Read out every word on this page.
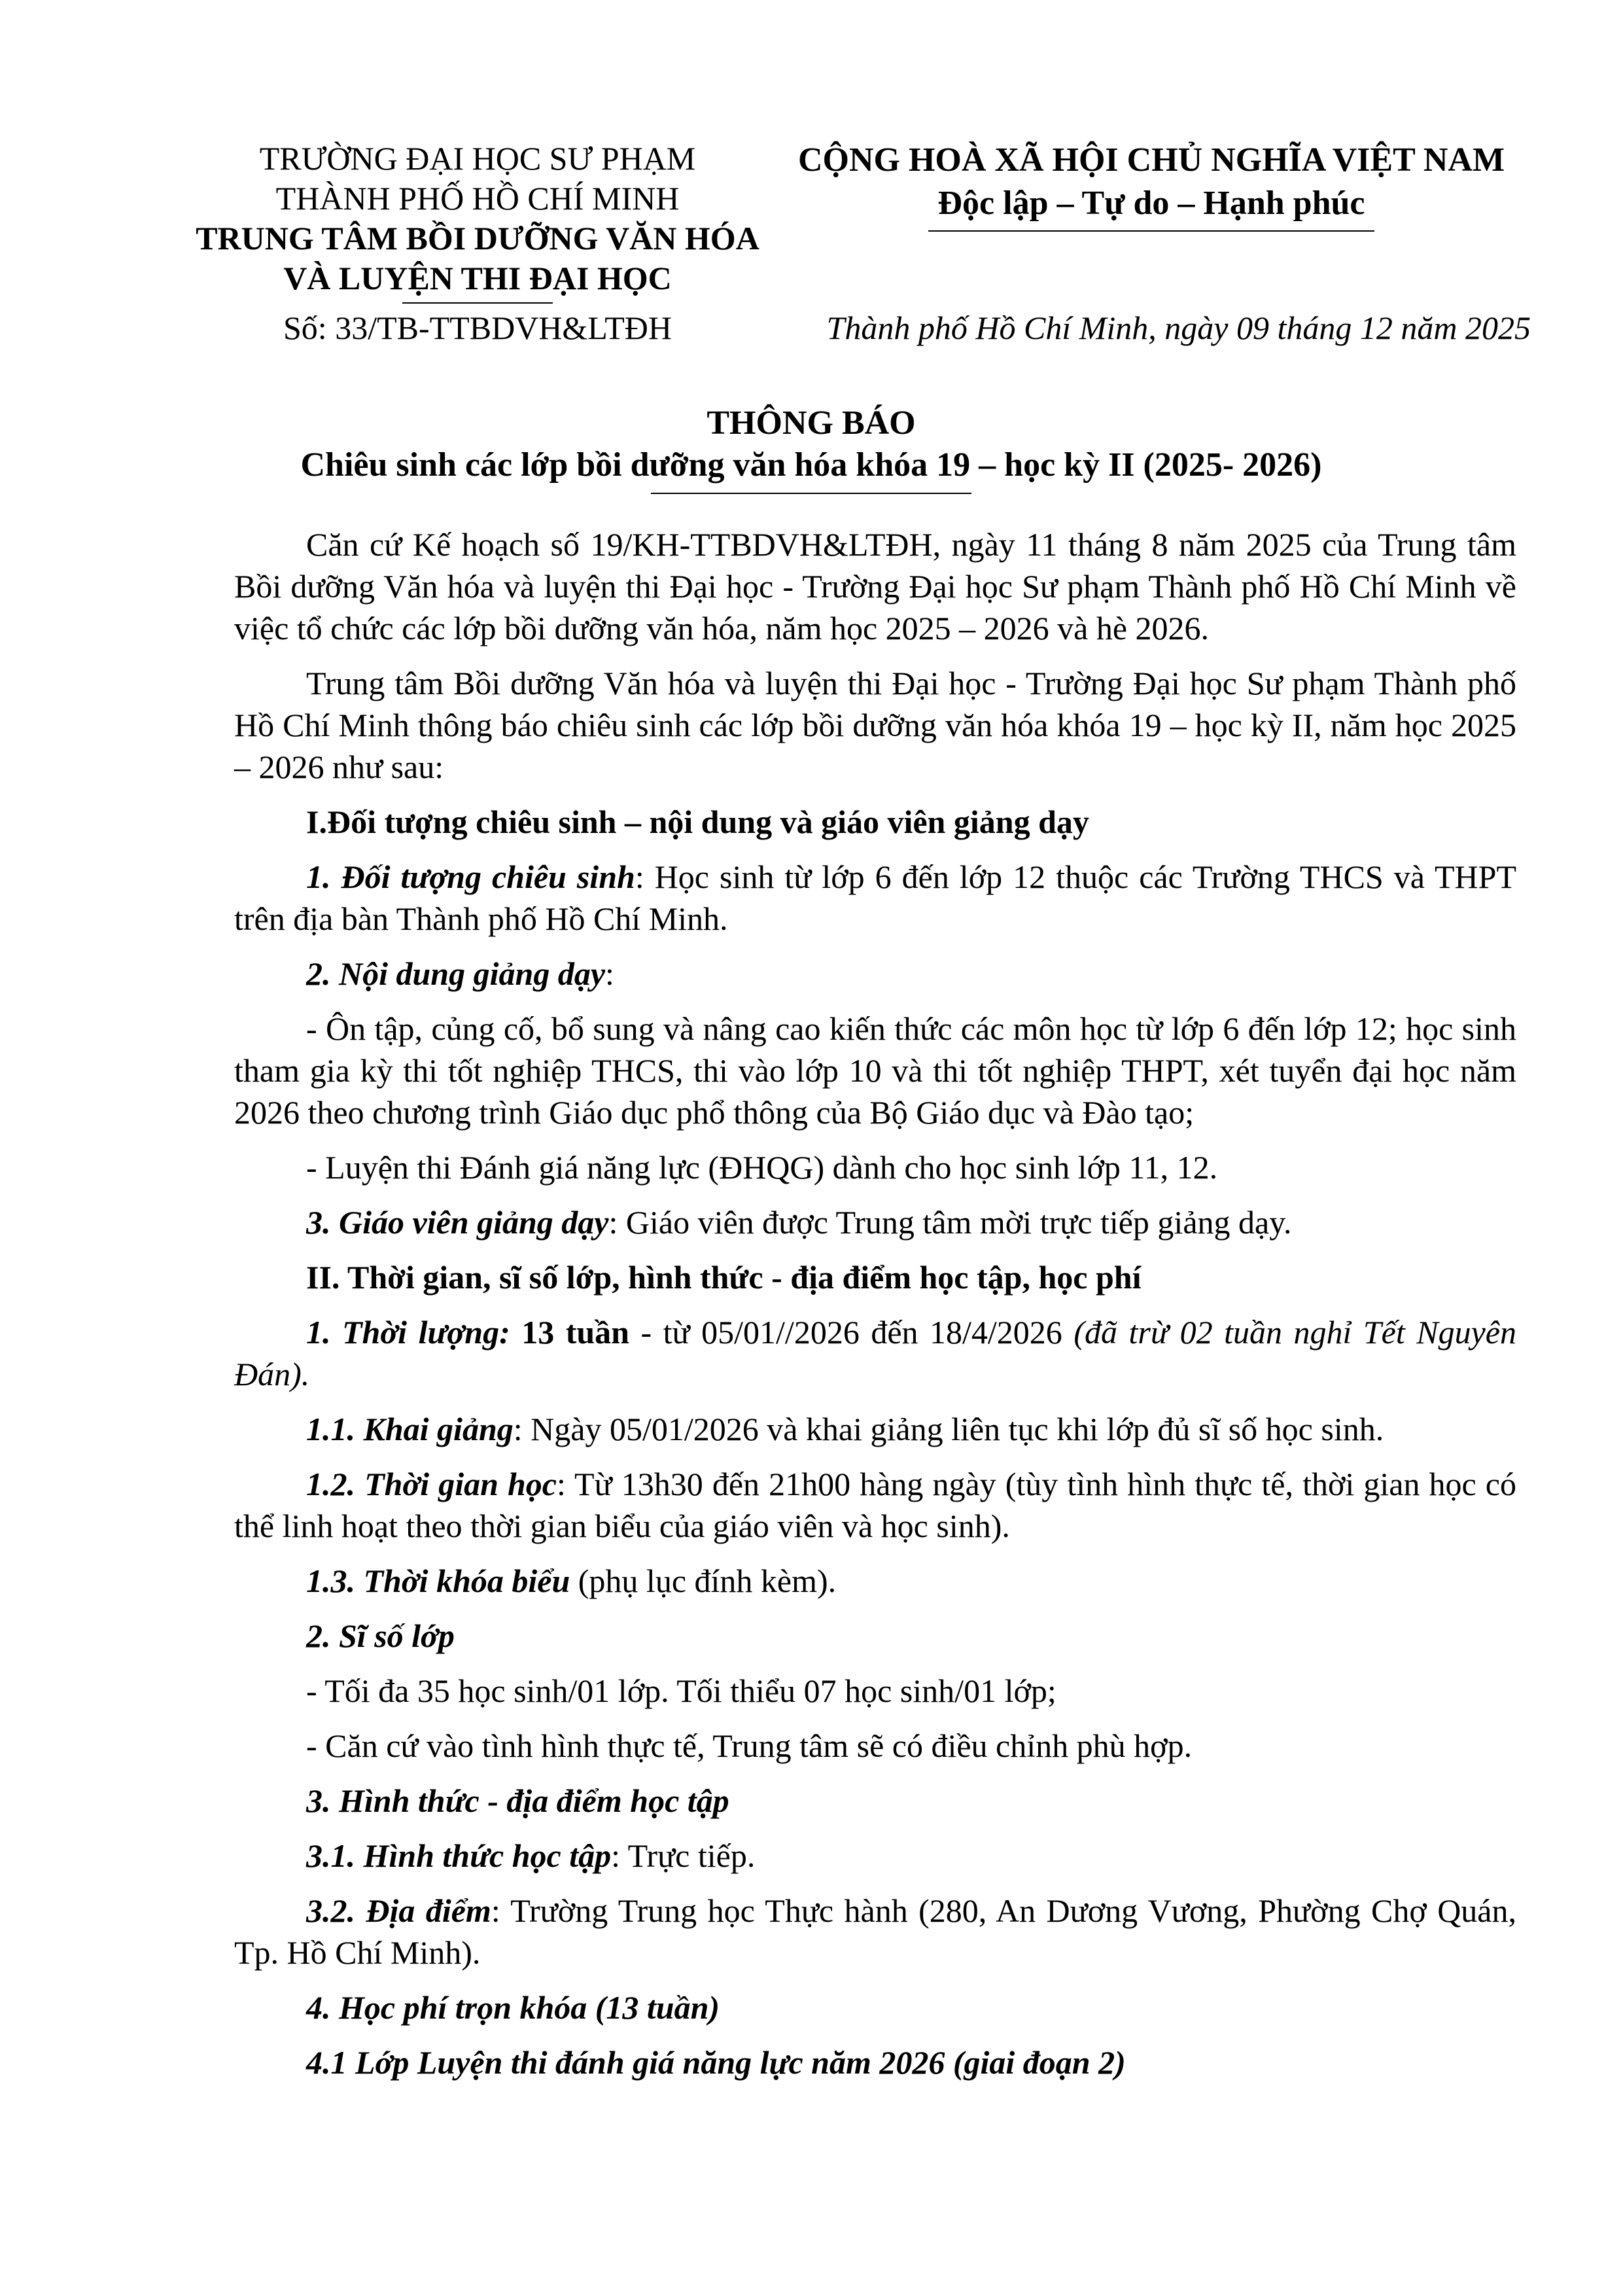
TRƯỜNG ĐẠI HỌC SƯ PHẠM
THÀNH PHỐ HỒ CHÍ MINH
TRUNG TÂM BỒI DƯỠNG VĂN HÓA
VÀ LUYỆN THI ĐẠI HỌC
CỘNG HOÀ XÃ HỘI CHỦ NGHĨA VIỆT NAM
Độc lập – Tự do – Hạnh phúc
Số: 33/TB-TTBDVH&LTĐH	Thành phố Hồ Chí Minh, ngày 09 tháng 12 năm 2025
THÔNG BÁO
Chiêu sinh các lớp bồi dưỡng văn hóa khóa 19 – học kỳ II (2025- 2026)

Căn cứ Kế hoạch số 19/KH-TTBDVH&LTĐH, ngày 11 tháng 8 năm 2025 của Trung tâm Bồi dưỡng Văn hóa và luyện thi Đại học - Trường Đại học Sư phạm Thành phố Hồ Chí Minh về việc tổ chức các lớp bồi dưỡng văn hóa, năm học 2025 – 2026 và hè 2026.

Trung tâm Bồi dưỡng Văn hóa và luyện thi Đại học - Trường Đại học Sư phạm Thành phố Hồ Chí Minh thông báo chiêu sinh các lớp bồi dưỡng văn hóa khóa 19 – học kỳ II, năm học 2025 – 2026 như sau:

I.Đối tượng chiêu sinh – nội dung và giáo viên giảng dạy

1. Đối tượng chiêu sinh: Học sinh từ lớp 6 đến lớp 12 thuộc các Trường THCS và THPT trên địa bàn Thành phố Hồ Chí Minh.

2. Nội dung giảng dạy:

- Ôn tập, củng cố, bổ sung và nâng cao kiến thức các môn học từ lớp 6 đến lớp 12; học sinh tham gia kỳ thi tốt nghiệp THCS, thi vào lớp 10 và thi tốt nghiệp THPT, xét tuyển đại học năm 2026 theo chương trình Giáo dục phổ thông của Bộ Giáo dục và Đào tạo;

- Luyện thi Đánh giá năng lực (ĐHQG) dành cho học sinh lớp 11, 12.

3. Giáo viên giảng dạy: Giáo viên được Trung tâm mời trực tiếp giảng dạy.

II. Thời gian, sĩ số lớp, hình thức - địa điểm học tập, học phí

1. Thời lượng: 13 tuần - từ 05/01//2026 đến 18/4/2026 (đã trừ 02 tuần nghỉ Tết Nguyên Đán).

1.1. Khai giảng: Ngày 05/01/2026 và khai giảng liên tục khi lớp đủ sĩ số học sinh.

1.2. Thời gian học: Từ 13h30 đến 21h00 hàng ngày (tùy tình hình thực tế, thời gian học có thể linh hoạt theo thời gian biểu của giáo viên và học sinh).

1.3. Thời khóa biểu (phụ lục đính kèm).

2. Sĩ số lớp

- Tối đa 35 học sinh/01 lớp. Tối thiểu 07 học sinh/01 lớp;

- Căn cứ vào tình hình thực tế, Trung tâm sẽ có điều chỉnh phù hợp.

3. Hình thức - địa điểm học tập

3.1. Hình thức học tập: Trực tiếp.

3.2. Địa điểm: Trường Trung học Thực hành (280, An Dương Vương, Phường Chợ Quán, Tp. Hồ Chí Minh).

4. Học phí trọn khóa (13 tuần)

4.1 Lớp Luyện thi đánh giá năng lực năm 2026 (giai đoạn 2)
